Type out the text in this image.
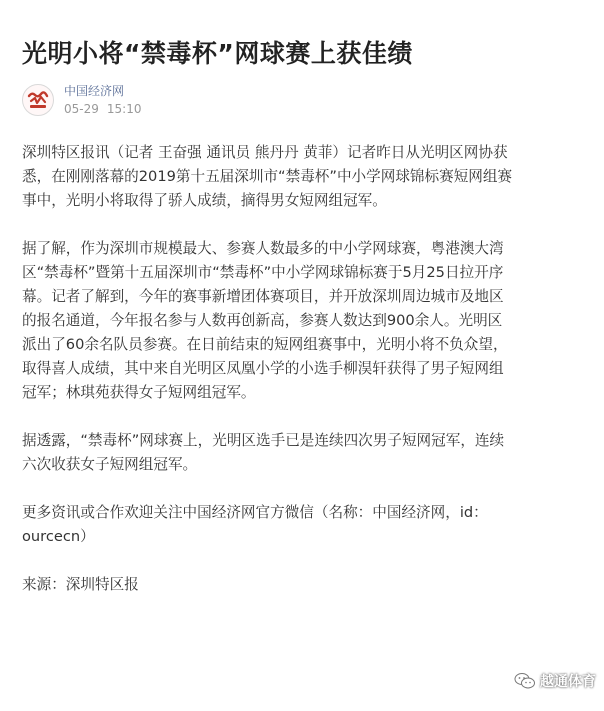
光明小将“禁毒杯”网球赛上获佳绩
中国经济网
05-29 15:10

深圳特区报讯（记者 王奋强 通讯员 熊丹丹 黄菲）记者昨日从光明区网协获
悉，在刚刚落幕的2019第十五届深圳市“禁毒杯”中小学网球锦标赛短网组赛
事中，光明小将取得了骄人成绩，摘得男女短网组冠军。

据了解，作为深圳市规模最大、参赛人数最多的中小学网球赛，粤港澳大湾
区“禁毒杯”暨第十五届深圳市“禁毒杯”中小学网球锦标赛于5月25日拉开序
幕。记者了解到，今年的赛事新增团体赛项目，并开放深圳周边城市及地区
的报名通道，今年报名参与人数再创新高，参赛人数达到900余人。光明区
派出了60余名队员参赛。在日前结束的短网组赛事中，光明小将不负众望，
取得喜人成绩，其中来自光明区凤凰小学的小选手柳淏轩获得了男子短网组
冠军；林琪苑获得女子短网组冠军。

据透露，“禁毒杯”网球赛上，光明区选手已是连续四次男子短网冠军，连续
六次收获女子短网组冠军。

更多资讯或合作欢迎关注中国经济网官方微信（名称：中国经济网，id：
ourcecn）

来源：深圳特区报

越通体育
